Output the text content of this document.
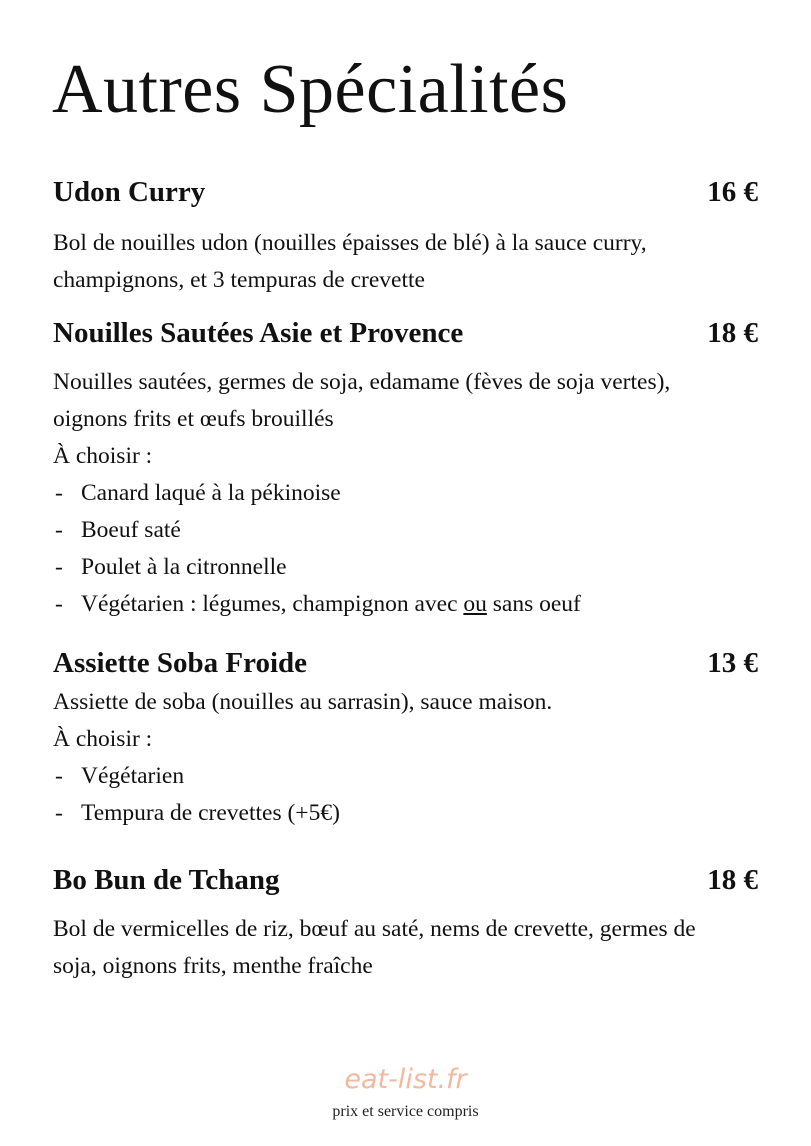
Autres Spécialités
Udon Curry	16 €
Bol de nouilles udon (nouilles épaisses de blé) à la sauce curry, champignons, et 3 tempuras de crevette
Nouilles Sautées Asie et Provence	18 €
Nouilles sautées, germes de soja, edamame (fèves de soja vertes), oignons frits et œufs brouillés
À choisir :
- Canard laqué à la pékinoise
- Boeuf saté
- Poulet à la citronnelle
- Végétarien : légumes, champignon avec ou sans oeuf
Assiette Soba Froide	13 €
Assiette de soba (nouilles au sarrasin), sauce maison.
À choisir :
- Végétarien
- Tempura de crevettes (+5€)
Bo Bun de Tchang	18 €
Bol de vermicelles de riz, bœuf au saté, nems de crevette, germes de soja, oignons frits, menthe fraîche
eat-list.fr
prix et service compris
